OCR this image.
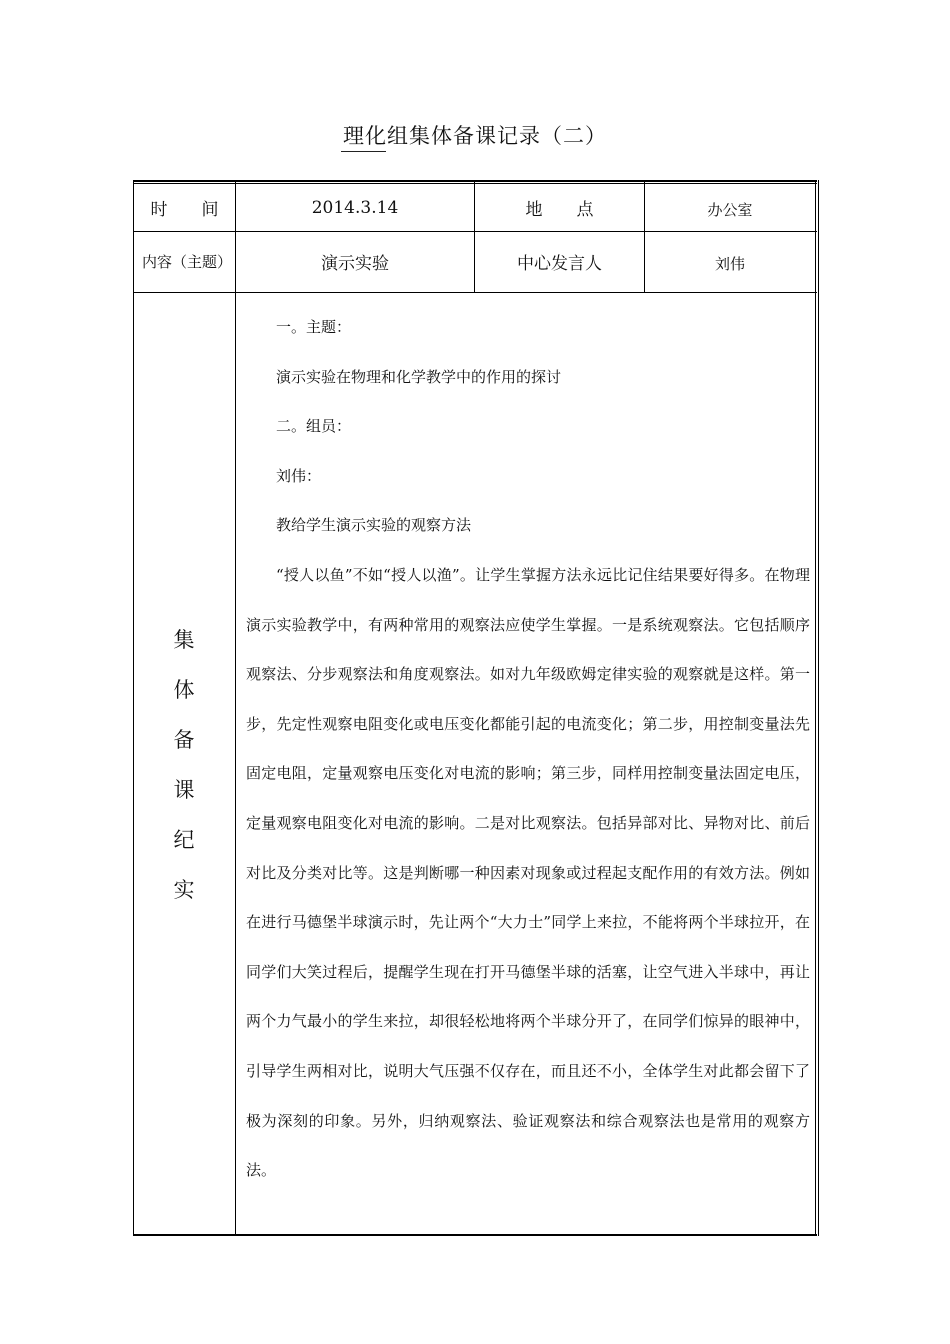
理化组集体备课记录（二）
时　　间	2014.3.14	地　　点	办公室
内容（主题）	演示实验	中心发言人	刘伟
集
体
备
课
纪
实

一。主题：

演示实验在物理和化学教学中的作用的探讨

二。组员：

刘伟：

教给学生演示实验的观察方法

“授人以鱼”不如“授人以渔”。让学生掌握方法永远比记住结果要好得多。在物理演示实验教学中，有两种常用的观察法应使学生掌握。一是系统观察法。它包括顺序观察法、分步观察法和角度观察法。如对九年级欧姆定律实验的观察就是这样。第一步，先定性观察电阻变化或电压变化都能引起的电流变化；第二步，用控制变量法先固定电阻，定量观察电压变化对电流的影响；第三步，同样用控制变量法固定电压，定量观察电阻变化对电流的影响。二是对比观察法。包括异部对比、异物对比、前后对比及分类对比等。这是判断哪一种因素对现象或过程起支配作用的有效方法。例如在进行马德堡半球演示时，先让两个“大力士”同学上来拉，不能将两个半球拉开，在同学们大笑过程后，提醒学生现在打开马德堡半球的活塞，让空气进入半球中，再让两个力气最小的学生来拉，却很轻松地将两个半球分开了，在同学们惊异的眼神中，引导学生两相对比，说明大气压强不仅存在，而且还不小，全体学生对此都会留下了极为深刻的印象。另外，归纳观察法、验证观察法和综合观察法也是常用的观察方法。
